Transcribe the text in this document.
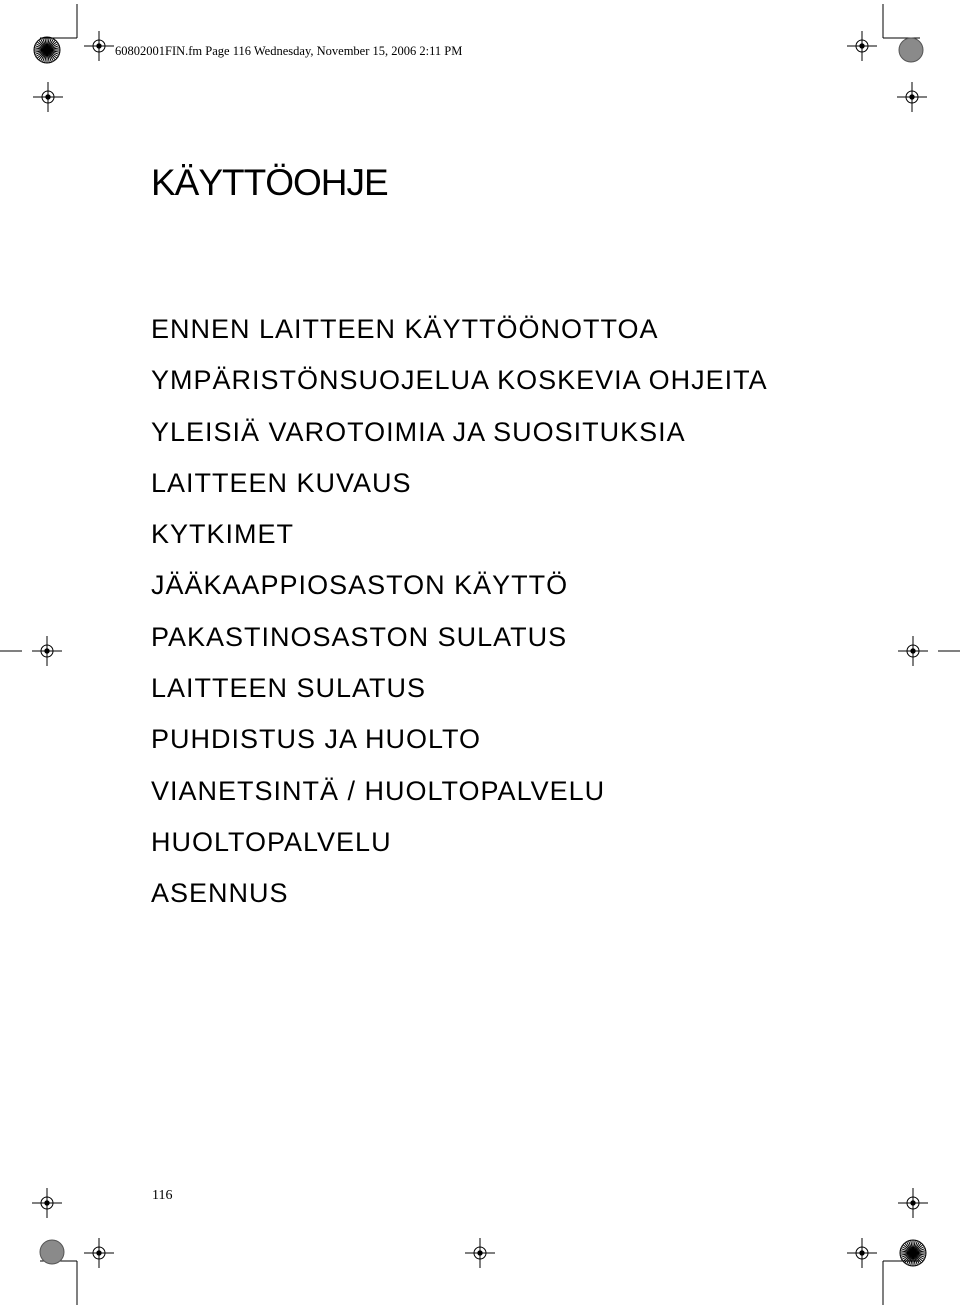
60802001FIN.fm Page 116 Wednesday, November 15, 2006 2:11 PM
KÄYTTÖOHJE
ENNEN LAITTEEN KÄYTTÖÖNOTTOA
YMPÄRISTÖNSUOJELUA KOSKEVIA OHJEITA
YLEISIÄ VAROTOIMIA JA SUOSITUKSIA
LAITTEEN KUVAUS
KYTKIMET
JÄÄKAAPPIOSASTON KÄYTTÖ
PAKASTINOSASTON SULATUS
LAITTEEN SULATUS
PUHDISTUS JA HUOLTO
VIANETSINTÄ / HUOLTOPALVELU
HUOLTOPALVELU
ASENNUS
116
